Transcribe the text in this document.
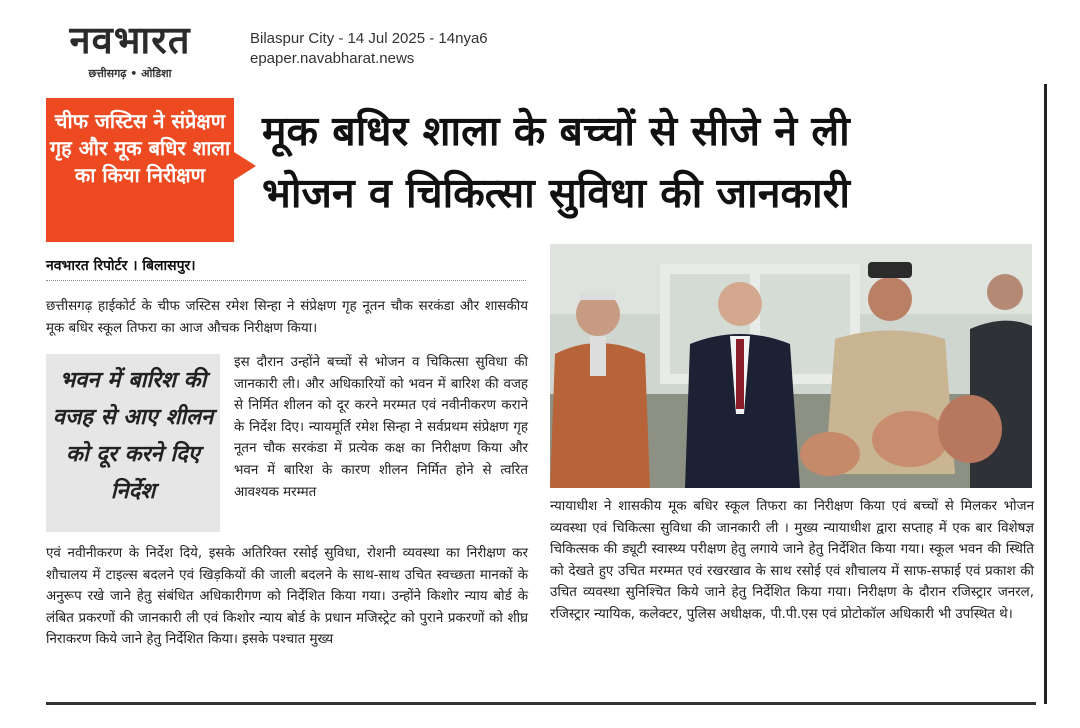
नवभारत
छत्तीसगढ़ • ओडिशा
Bilaspur City - 14 Jul 2025 - 14nya6
epaper.navabharat.news
चीफ जस्टिस ने संप्रेक्षण गृह और मूक बधिर शाला का किया निरीक्षण
मूक बधिर शाला के बच्चों से सीजे ने ली
भोजन व चिकित्सा सुविधा की जानकारी
नवभारत रिपोर्टर । बिलासपुर।
छत्तीसगढ़ हाईकोर्ट के चीफ जस्टिस रमेश सिन्हा ने संप्रेक्षण गृह नूतन चौक सरकंडा और शासकीय मूक बधिर स्कूल तिफरा का आज औचक निरीक्षण किया।
भवन में बारिश की वजह से आए शीलन को दूर करने दिए निर्देश
इस दौरान उन्होंने बच्चों से भोजन व चिकित्सा सुविधा की जानकारी ली। और अधिकारियों को भवन में बारिश की वजह से निर्मित शीलन को दूर करने मरम्मत एवं नवीनीकरण कराने के निर्देश दिए। न्यायमूर्ति रमेश सिन्हा ने सर्वप्रथम संप्रेक्षण गृह नूतन चौक सरकंडा में प्रत्येक कक्ष का निरीक्षण किया और भवन में बारिश के कारण शीलन निर्मित होने से त्वरित आवश्यक मरम्मत
एवं नवीनीकरण के निर्देश दिये, इसके अतिरिक्त रसोई सुविधा, रोशनी व्यवस्था का निरीक्षण कर शौचालय में टाइल्स बदलने एवं खिड़कियों की जाली बदलने के साथ-साथ उचित स्वच्छता मानकों के अनुरूप रखे जाने हेतु संबंधित अधिकारीगण को निर्देशित किया गया। उन्होंने किशोर न्याय बोर्ड के लंबित प्रकरणों की जानकारी ली एवं किशोर न्याय बोर्ड के प्रधान मजिस्ट्रेट को पुराने प्रकरणों को शीघ्र निराकरण किये जाने हेतु निर्देशित किया। इसके पश्चात मुख्य
न्यायाधीश ने शासकीय मूक बधिर स्कूल तिफरा का निरीक्षण किया एवं बच्चों से मिलकर भोजन व्यवस्था एवं चिकित्सा सुविधा की जानकारी ली । मुख्य न्यायाधीश द्वारा सप्ताह में एक बार विशेषज्ञ चिकित्सक की ड्यूटी स्वास्थ्य परीक्षण हेतु लगाये जाने हेतु निर्देशित किया गया। स्कूल भवन की स्थिति को देखते हुए उचित मरम्मत एवं रखरखाव के साथ रसोई एवं शौचालय में साफ-सफाई एवं प्रकाश की उचित व्यवस्था सुनिश्चित किये जाने हेतु निर्देशित किया गया। निरीक्षण के दौरान रजिस्ट्रार जनरल, रजिस्ट्रार न्यायिक, कलेक्टर, पुलिस अधीक्षक, पी.पी.एस एवं प्रोटोकॉल अधिकारी भी उपस्थित थे।
